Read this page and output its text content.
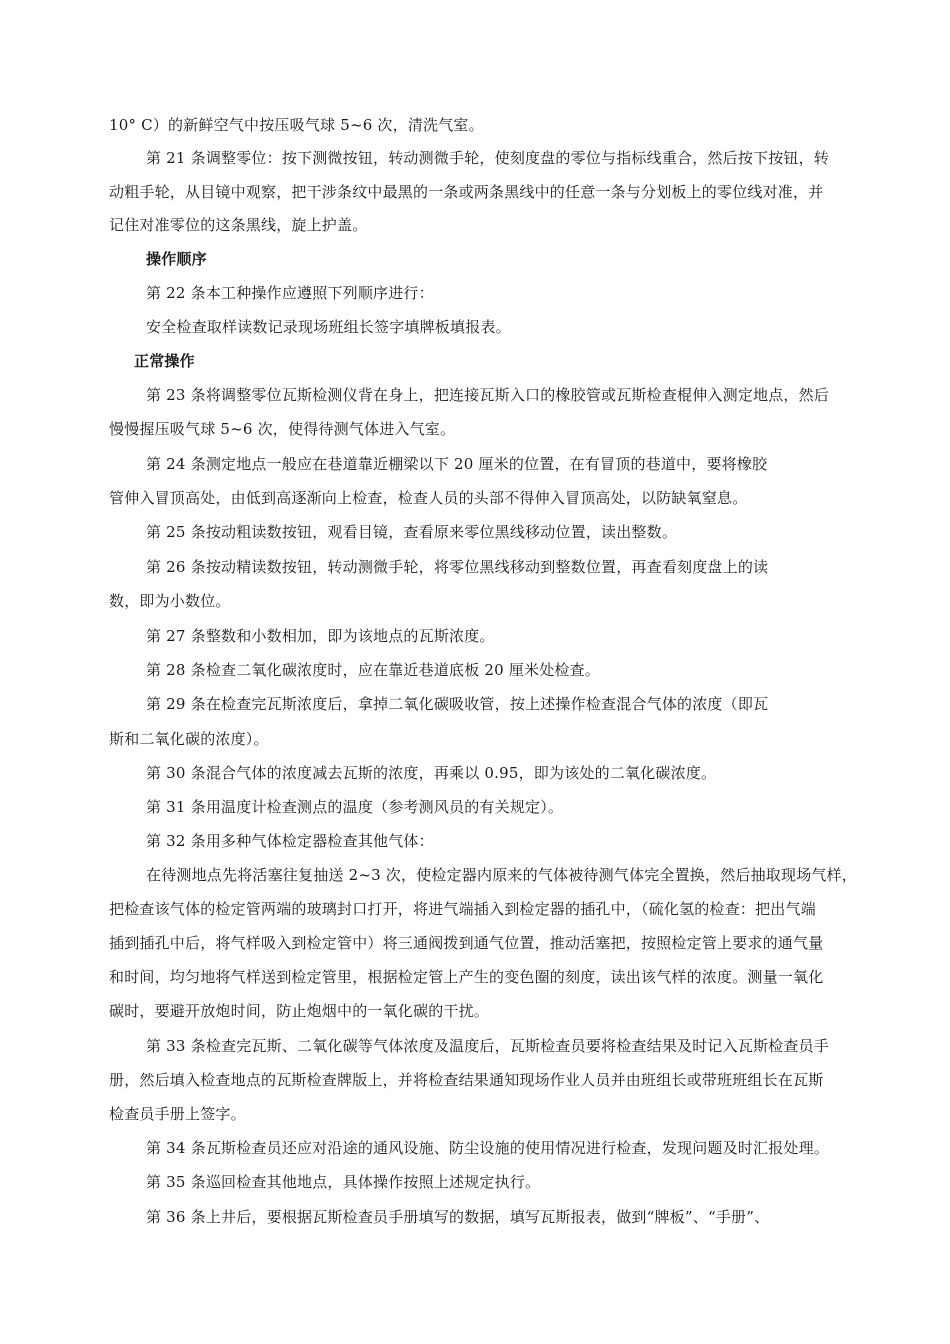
10° C）的新鲜空气中按压吸气球 5~6 次，清洗气室。
第 21 条调整零位：按下测微按钮，转动测微手轮，使刻度盘的零位与指标线重合，然后按下按钮，转
动粗手轮，从目镜中观察，把干涉条纹中最黑的一条或两条黑线中的任意一条与分划板上的零位线对准，并
记住对准零位的这条黑线，旋上护盖。
操作顺序
第 22 条本工种操作应遵照下列顺序进行：
安全检查取样读数记录现场班组长签字填牌板填报表。
正常操作
第 23 条将调整零位瓦斯检测仪背在身上，把连接瓦斯入口的橡胶管或瓦斯检查棍伸入测定地点，然后
慢慢握压吸气球 5~6 次，使得待测气体进入气室。
第 24 条测定地点一般应在巷道靠近棚梁以下 20 厘米的位置，在有冒顶的巷道中，要将橡胶
管伸入冒顶高处，由低到高逐渐向上检查，检查人员的头部不得伸入冒顶高处，以防缺氧窒息。
第 25 条按动粗读数按钮，观看目镜，查看原来零位黑线移动位置，读出整数。
第 26 条按动精读数按钮，转动测微手轮，将零位黑线移动到整数位置，再查看刻度盘上的读
数，即为小数位。
第 27 条整数和小数相加，即为该地点的瓦斯浓度。
第 28 条检查二氧化碳浓度时，应在靠近巷道底板 20 厘米处检查。
第 29 条在检查完瓦斯浓度后，拿掉二氧化碳吸收管，按上述操作检查混合气体的浓度（即瓦
斯和二氧化碳的浓度）。
第 30 条混合气体的浓度减去瓦斯的浓度，再乘以 0.95，即为该处的二氧化碳浓度。
第 31 条用温度计检查测点的温度（参考测风员的有关规定）。
第 32 条用多种气体检定器检查其他气体：
在待测地点先将活塞往复抽送 2~3 次，使检定器内原来的气体被待测气体完全置换，然后抽取现场气样，
把检查该气体的检定管两端的玻璃封口打开，将进气端插入到检定器的插孔中，（硫化氢的检查：把出气端
插到插孔中后，将气样吸入到检定管中）将三通阀拨到通气位置，推动活塞把，按照检定管上要求的通气量
和时间，均匀地将气样送到检定管里，根据检定管上产生的变色圈的刻度，读出该气样的浓度。测量一氧化
碳时，要避开放炮时间，防止炮烟中的一氧化碳的干扰。
第 33 条检查完瓦斯、二氧化碳等气体浓度及温度后，瓦斯检查员要将检查结果及时记入瓦斯检查员手
册，然后填入检查地点的瓦斯检查牌版上，并将检查结果通知现场作业人员并由班组长或带班班组长在瓦斯
检查员手册上签字。
第 34 条瓦斯检查员还应对沿途的通风设施、防尘设施的使用情况进行检查，发现问题及时汇报处理。
第 35 条巡回检查其他地点，具体操作按照上述规定执行。
第 36 条上井后，要根据瓦斯检查员手册填写的数据，填写瓦斯报表，做到“牌板”、“手册”、
